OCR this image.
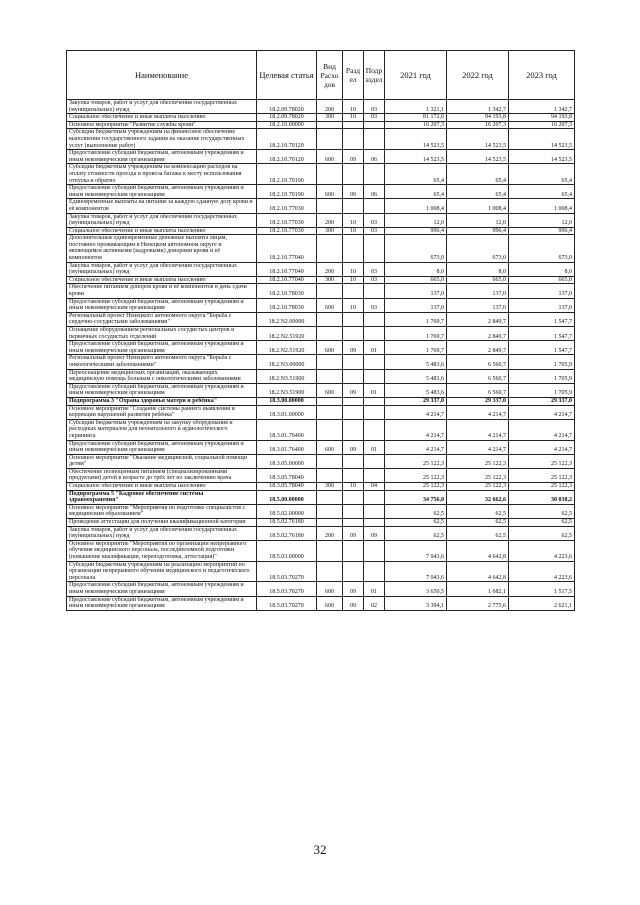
Наименование	Целевая статья	Вид Расхо дов	Разд ел	Подр аздел	2021 год	2022 год	2023 год
Закупка товаров, работ и услуг для обеспечения государственных (муниципальных) нужд	18.2.09.78020	200	10	03	1 321,1	1 342,7	1 342,7
Социальное обеспечение и иные выплаты населению	18.2.09.78020	300	10	03	81 172,0	94 193,8	94 193,8
Основное мероприятие "Развитие службы крови"	18.2.10.00000				16 207,3	16 207,3	16 207,3
Субсидии бюджетным учреждениям на финансовое обеспечение выполнения государственного задания на оказание государственных услуг (выполнение работ)	18.2.10.70120				14 523,5	14 523,5	14 523,5
Предоставление субсидий бюджетным, автономным учреждениям и иным некоммерческим организациям	18.2.10.70120	600	09	06	14 523,5	14 523,5	14 523,5
Субсидии бюджетным учреждениям на компенсацию расходов на оплату стоимости проезда и провоза багажа к месту использования отпуска и обратно	18.2.10.70190				65,4	65,4	65,4
Предоставление субсидий бюджетным, автономным учреждениям и иным некоммерческим организациям	18.2.10.70190	600	09	06	65,4	65,4	65,4
Единовременные выплаты на питание за каждую сданную дозу крови и её компонентов	18.2.10.77030				1 008,4	1 008,4	1 008,4
Закупка товаров, работ и услуг для обеспечения государственных (муниципальных) нужд	18.2.10.77030	200	10	03	12,0	12,0	12,0
Социальное обеспечение и иные выплаты населению	18.2.10.77030	300	10	03	996,4	996,4	996,4
Дополнительные единовременные денежные выплаты лицам, постоянно проживающим в Ненецком автономном округе и являющимся активными (кадровыми) донорами крови и её компонентов	18.2.10.77040				673,0	673,0	673,0
Закупка товаров, работ и услуг для обеспечения государственных (муниципальных) нужд	18.2.10.77040	200	10	03	8,0	8,0	8,0
Социальное обеспечение и иные выплаты населению	18.2.10.77040	300	10	03	665,0	665,0	665,0
Обеспечение питанием доноров крови и её компонентов в день сдачи крови	18.2.10.78030				137,0	137,0	137,0
Предоставление субсидий бюджетным, автономным учреждениям и иным некоммерческим организациям	18.2.10.78030	600	10	03	137,0	137,0	137,0
Региональный проект Ненецкого автономного округа "Борьба с сердечно-сосудистыми заболеваниями"	18.2.N2.00000				1 769,7	2 849,7	1 547,7
Оснащение оборудованием региональных сосудистых центров и первичных сосудистых отделений	18.2.N2.51920				1 769,7	2 849,7	1 547,7
Предоставление субсидий бюджетным, автономным учреждениям и иным некоммерческим организациям	18.2.N2.51920	600	09	01	1 769,7	2 849,7	1 547,7
Региональный проект Ненецкого автономного округа "Борьба с онкологическими заболеваниями"	18.2.N3.00000				5 483,6	6 560,7	1 705,9
Переоснащение медицинских организаций, оказывающих медицинскую помощь больным с онкологическими заболеваниями	18.2.N3.51900				5 483,6	6 560,7	1 705,9
Предоставление субсидий бюджетным, автономным учреждениям и иным некоммерческим организациям	18.2.N3.51900	600	09	01	5 483,6	6 560,7	1 705,9
Подпрограмма 3 "Охрана здоровья матери и ребёнка"	18.3.00.00000				29 337,0	29 337,0	29 337,0
Основное мероприятие "Создание системы раннего выявления и коррекции нарушений развития ребёнка"	18.3.01.00000				4 214,7	4 214,7	4 214,7
Субсидии бюджетным учреждениям на закупку оборудования и расходных материалов для неонатального и аудиологического скрининга	18.3.01.76400				4 214,7	4 214,7	4 214,7
Предоставление субсидий бюджетным, автономным учреждениям и иным некоммерческим организациям	18.3.01.76400	600	09	01	4 214,7	4 214,7	4 214,7
Основное мероприятие "Оказание медицинской, социальной помощи детям"	18.3.05.00000				25 122,3	25 122,3	25 122,3
Обеспечение полноценным питанием (специализированными продуктами) детей в возрасте до трёх лет по заключению врача	18.3.05.78040				25 122,3	25 122,3	25 122,3
Социальное обеспечение и иные выплаты населению	18.3.05.78040	300	10	04	25 122,3	25 122,3	25 122,3
Подпрограмма 5 "Кадровое обеспечение системы здравоохранения"	18.5.00.00000				34 756,0	32 662,6	30 038,2
Основное мероприятие "Мероприятия по подготовке специалистов с медицинским образованием"	18.5.02.00000				62,5	62,5	62,5
Проведение аттестации для получения квалификационной категории	18.5.02.76180				62,5	62,5	62,5
Закупка товаров, работ и услуг для обеспечения государственных (муниципальных) нужд	18.5.02.76180	200	09	09	62,5	62,5	62,5
Основное мероприятие "Мероприятия по организации непрерывного обучения медицинского персонала, последипломной подготовки (повышение квалификации, переподготовка, аттестация)"	18.5.03.00000				7 043,6	4 642,8	4 223,6
Субсидии бюджетным учреждениям на реализацию мероприятий по организации непрерывного обучения медицинского и педагогического персонала	18.5.03.70270				7 043,6	4 642,8	4 223,6
Предоставление субсидий бюджетным, автономным учреждениям и иным некоммерческим организациям	18.5.03.70270	600	09	01	3 650,5	1 682,1	1 517,5
Предоставление субсидий бюджетным, автономным учреждениям и иным некоммерческим организациям	18.5.03.70270	600	09	02	3 394,1	2 775,6	2 621,1
32
